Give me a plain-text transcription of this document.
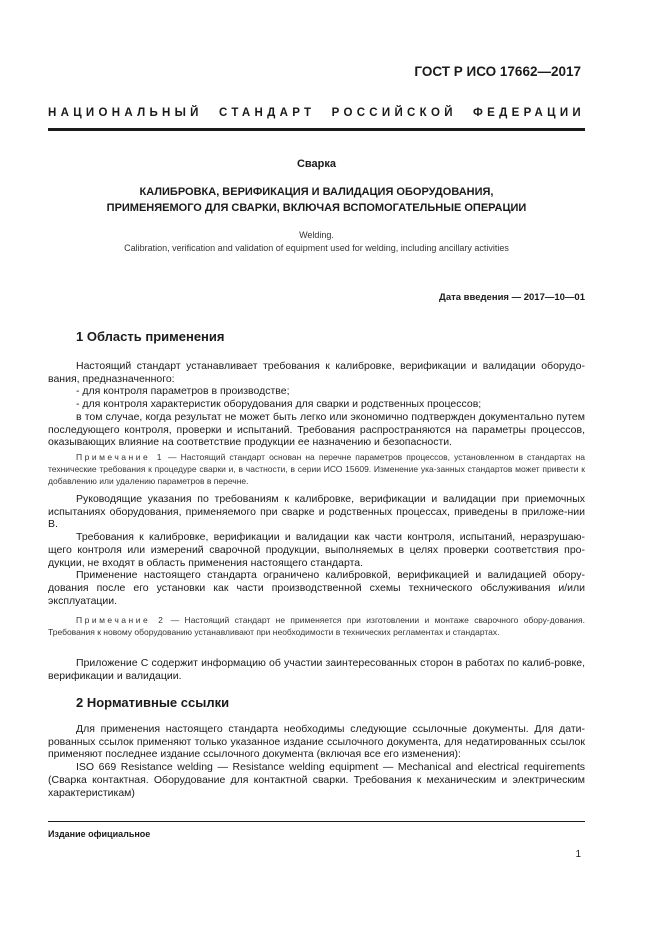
ГОСТ Р ИСО 17662—2017
НАЦИОНАЛЬНЫЙ СТАНДАРТ РОССИЙСКОЙ ФЕДЕРАЦИИ
Сварка
КАЛИБРОВКА, ВЕРИФИКАЦИЯ И ВАЛИДАЦИЯ ОБОРУДОВАНИЯ,
ПРИМЕНЯЕМОГО ДЛЯ СВАРКИ, ВКЛЮЧАЯ ВСПОМОГАТЕЛЬНЫЕ ОПЕРАЦИИ
Welding.
Calibration, verification and validation of equipment used for welding, including ancillary activities
Дата введения — 2017—10—01
1 Область применения

Настоящий стандарт устанавливает требования к калибровке, верификации и валидации оборудо-вания, предназначенного:

- для контроля параметров в производстве;

- для контроля характеристик оборудования для сварки и родственных процессов;

в том случае, когда результат не может быть легко или экономично подтвержден документально путем последующего контроля, проверки и испытаний. Требования распространяются на параметры процессов, оказывающих влияние на соответствие продукции ее назначению и безопасности.

Примечание 1 — Настоящий стандарт основан на перечне параметров процессов, установленном в стандартах на технические требования к процедуре сварки и, в частности, в серии ИСО 15609. Изменение ука-занных стандартов может привести к добавлению или удалению параметров в перечне.

Руководящие указания по требованиям к калибровке, верификации и валидации при приемочных испытаниях оборудования, применяемого при сварке и родственных процессах, приведены в приложе-нии В.

Требования к калибровке, верификации и валидации как части контроля, испытаний, неразрушаю-щего контроля или измерений сварочной продукции, выполняемых в целях проверки соответствия про-дукции, не входят в область применения настоящего стандарта.

Применение настоящего стандарта ограничено калибровкой, верификацией и валидацией обору-дования после его установки как части производственной схемы технического обслуживания и/или эксплуатации.

Примечание 2 — Настоящий стандарт не применяется при изготовлении и монтаже сварочного обору-дования. Требования к новому оборудованию устанавливают при необходимости в технических регламентах и стандартах.

Приложение С содержит информацию об участии заинтересованных сторон в работах по калиб-ровке, верификации и валидации.

2 Нормативные ссылки

Для применения настоящего стандарта необходимы следующие ссылочные документы. Для дати-рованных ссылок применяют только указанное издание ссылочного документа, для недатированных ссылок применяют последнее издание ссылочного документа (включая все его изменения):

ISO 669 Resistance welding — Resistance welding equipment — Mechanical and electrical requirements (Сварка контактная. Оборудование для контактной сварки. Требования к механическим и электрическим характеристикам)

Издание официальное
1
